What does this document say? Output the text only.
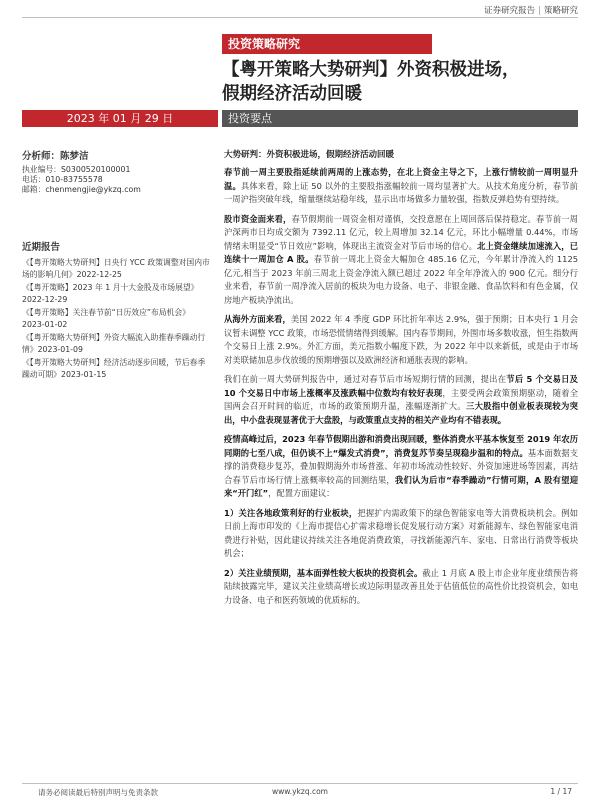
证券研究报告 | 策略研究
投资策略研究
【粤开策略大势研判】外资积极进场，
假期经济活动回暖
2023 年 01 月 29 日	投资要点
分析师：陈梦洁
执业编号：S0300520100001
电话：010-83755578
邮箱：chenmengjie@ykzq.com
近期报告
《【粤开策略大势研判】日央行 YCC 政策调整对国内市场的影响几何》2022-12-25
《【粤开策略】2023 年 1 月十大金股及市场展望》2022-12-29
《【粤开策略】关注春节前“日历效应”布局机会》2023-01-02
《【粤开策略大势研判】外资大幅流入助推春季躁动行情》2023-01-09
《【粤开策略大势研判】经济活动逐步回暖，节后春季躁动可期》2023-01-15
大势研判：外资积极进场，假期经济活动回暖

春节前一周主要股指延续前两周的上涨态势，在北上资金主导之下，上涨行情较前一周明显升温。具体来看，除上证 50 以外的主要股指涨幅较前一周均显著扩大。从技术角度分析，春节前一周沪指突破年线，缩量继续站稳年线，显示出市场做多力量较强，指数反弹趋势有望持续。

股市资金面来看，春节假期前一周资金相对谨慎，交投意愿在上周回落后保持稳定。春节前一周沪深两市日均成交额为 7392.11 亿元，较上周增加 32.14 亿元，环比小幅增量 0.44%，市场情绪未明显受“节日效应”影响，体现出主流资金对节后市场的信心。北上资金继续加速流入，已连续十一周加仓 A 股。春节前一周北上资金大幅加仓 485.16 亿元，今年累计净流入约 1125 亿元,相当于 2023 年前三周北上资金净流入额已超过 2022 年全年净流入的 900 亿元。细分行业来看，春节前一周净流入居前的板块为电力设备、电子、非银金融、食品饮料和有色金属，仅房地产板块净流出。

从海外方面来看，美国 2022 年 4 季度 GDP 环比折年率达 2.9%，强于预期；日本央行 1 月会议暂未调整 YCC 政策，市场恐慌情绪得到缓解。国内春节期间，外围市场多数收涨，恒生指数两个交易日上涨 2.9%。外汇方面，美元指数小幅度下跌，为 2022 年中以来新低，或是由于市场对美联储加息步伐放缓的预期增强以及欧洲经济和通胀表现的影响。

我们在前一周大势研判报告中，通过对春节后市场短期行情的回测，提出在节后 5 个交易日及 10 个交易日中市场上涨概率及涨跌幅中位数均有较好表现，主要受两会政策预期驱动，随着全国两会召开时间的临近，市场的政策预期升温，涨幅逐渐扩大。三大股指中创业板表现较为突出，中小盘表现显著优于大盘股，与政策重点支持的相关产业均有不错表现。

疫情高峰过后，2023 年春节假期出游和消费出现回暖，整体消费水平基本恢复至 2019 年农历同期的七至八成，但仍谈不上“爆发式消费”，消费复苏节奏呈现稳步温和的特点。基本面数据支撑的消费稳步复苏，叠加假期海外市场普涨、年初市场流动性较好、外资加速进场等因素，再结合春节后市场行情上涨概率较高的回测结果，我们认为后市“春季躁动”行情可期，A 股有望迎来“开门红”，配置方面建议：

1）关注各地政策利好的行业板块，把握扩内需政策下的绿色智能家电等大消费板块机会。例如日前上海市印发的《上海市提信心扩需求稳增长促发展行动方案》对新能源车、绿色智能家电消费进行补贴，因此建议持续关注各地促消费政策，寻找新能源汽车、家电、日常出行消费等板块机会；

2）关注业绩预期，基本面弹性较大板块的投资机会。截止 1 月底 A 股上市企业年度业绩预告将陆续披露完毕，建议关注业绩高增长或边际明显改善且处于估值低位的高性价比投资机会，如电力设备、电子和医药领域的优质标的。

请务必阅读最后特别声明与免责条款	www.ykzq.com	1 / 17
